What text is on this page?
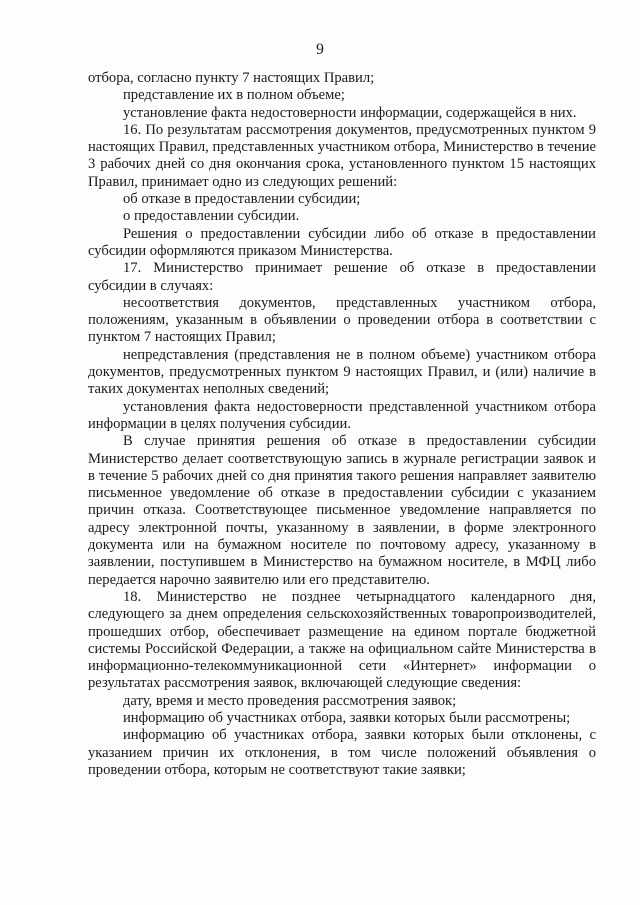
9

отбора, согласно пункту 7 настоящих Правил;

представление их в полном объеме;

установление факта недостоверности информации, содержащейся в них.

16. По результатам рассмотрения документов, предусмотренных пунктом 9 настоящих Правил, представленных участником отбора, Министерство в течение 3 рабочих дней со дня окончания срока, установленного пунктом 15 настоящих Правил, принимает одно из следующих решений:

об отказе в предоставлении субсидии;

о предоставлении субсидии.

Решения о предоставлении субсидии либо об отказе в предоставлении субсидии оформляются приказом Министерства.

17. Министерство принимает решение об отказе в предоставлении субсидии в случаях:

несоответствия документов, представленных участником отбора, положениям, указанным в объявлении о проведении отбора в соответствии с пунктом 7 настоящих Правил;

непредставления (представления не в полном объеме) участником отбора документов, предусмотренных пунктом 9 настоящих Правил, и (или) наличие в таких документах неполных сведений;

установления факта недостоверности представленной участником отбора информации в целях получения субсидии.

В случае принятия решения об отказе в предоставлении субсидии Министерство делает соответствующую запись в журнале регистрации заявок и в течение 5 рабочих дней со дня принятия такого решения направляет заявителю письменное уведомление об отказе в предоставлении субсидии с указанием причин отказа. Соответствующее письменное уведомление направляется по адресу электронной почты, указанному в заявлении, в форме электронного документа или на бумажном носителе по почтовому адресу, указанному в заявлении, поступившем в Министерство на бумажном носителе, в МФЦ либо передается нарочно заявителю или его представителю.

18. Министерство не позднее четырнадцатого календарного дня, следующего за днем определения сельскохозяйственных товаропроизводителей, прошедших отбор, обеспечивает размещение на едином портале бюджетной системы Российской Федерации, а также на официальном сайте Министерства в информационно-телекоммуникационной сети «Интернет» информации о результатах рассмотрения заявок, включающей следующие сведения:

дату, время и место проведения рассмотрения заявок;

информацию об участниках отбора, заявки которых были рассмотрены;

информацию об участниках отбора, заявки которых были отклонены, с указанием причин их отклонения, в том числе положений объявления о проведении отбора, которым не соответствуют такие заявки;
